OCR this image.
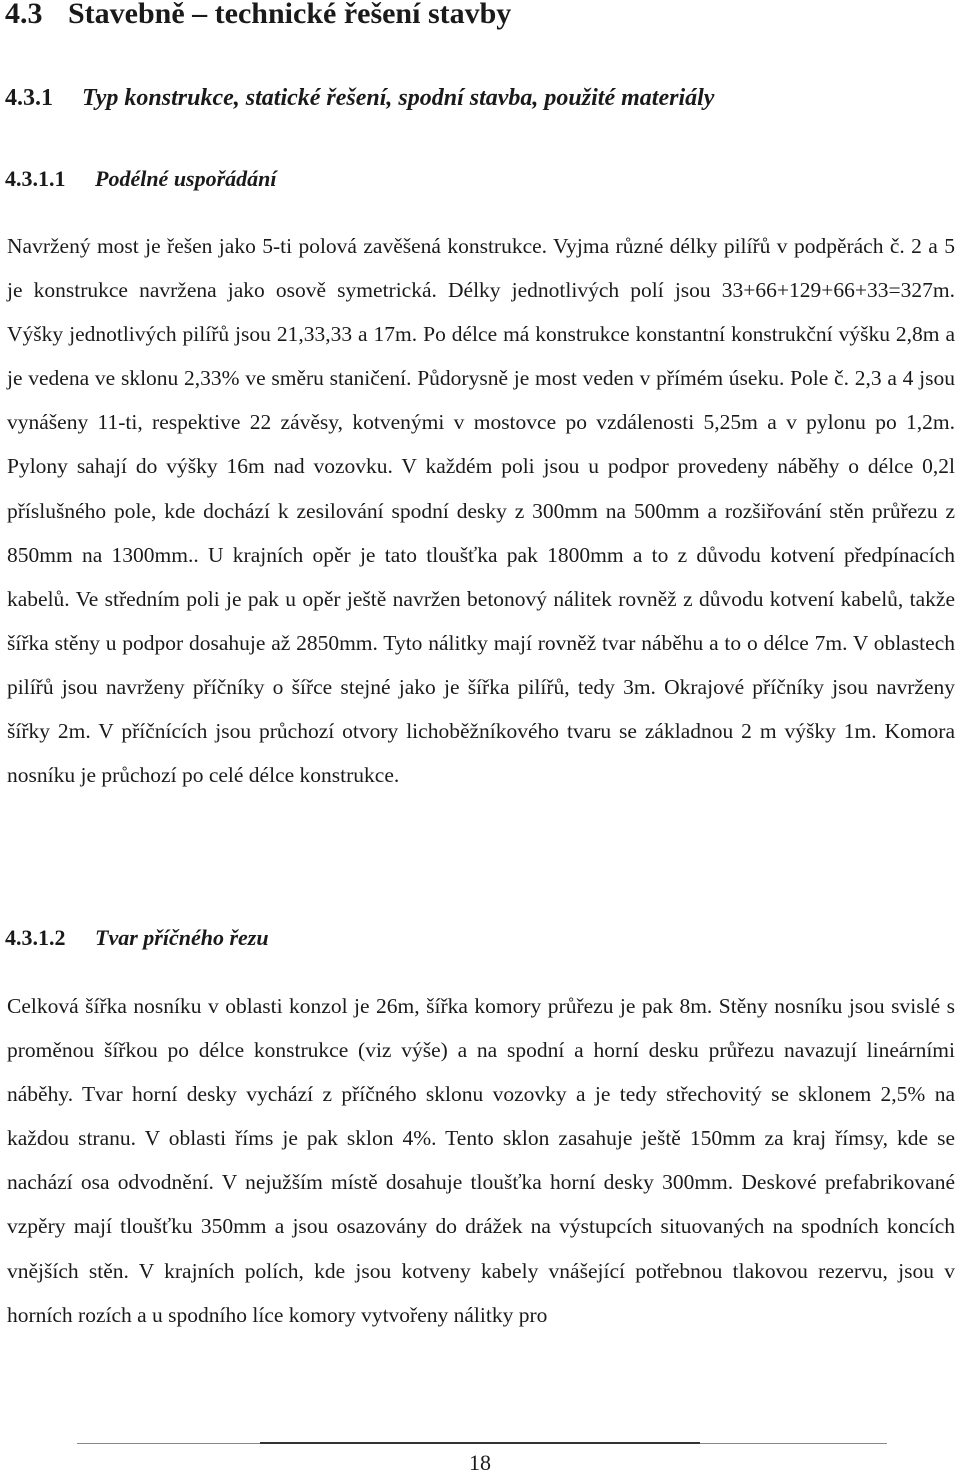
4.3 Stavebně – technické řešení stavby
4.3.1 Typ konstrukce, statické řešení, spodní stavba, použité materiály
4.3.1.1 Podélné uspořádání

Navržený most je řešen jako 5-ti polová zavěšená konstrukce. Vyjma různé délky pilířů v podpěrách č. 2 a 5 je konstrukce navržena jako osově symetrická. Délky jednotlivých polí jsou 33+66+129+66+33=327m. Výšky jednotlivých pilířů jsou 21,33,33 a 17m. Po délce má konstrukce konstantní konstrukční výšku 2,8m a je vedena ve sklonu 2,33% ve směru staničení. Půdorysně je most veden v přímém úseku. Pole č. 2,3 a 4 jsou vynášeny 11-ti, respektive 22 závěsy, kotvenými v mostovce po vzdálenosti 5,25m a v pylonu po 1,2m. Pylony sahají do výšky 16m nad vozovku. V každém poli jsou u podpor provedeny náběhy o délce 0,2l příslušného pole, kde dochází k zesilování spodní desky z 300mm na 500mm a rozšiřování stěn průřezu z 850mm na 1300mm.. U krajních opěr je tato tloušťka pak 1800mm a to z důvodu kotvení předpínacích kabelů. Ve středním poli je pak u opěr ještě navržen betonový nálitek rovněž z důvodu kotvení kabelů, takže šířka stěny u podpor dosahuje až 2850mm. Tyto nálitky mají rovněž tvar náběhu a to o délce 7m. V oblastech pilířů jsou navrženy příčníky o šířce stejné jako je šířka pilířů, tedy 3m. Okrajové příčníky jsou navrženy šířky 2m. V příčnících jsou průchozí otvory lichoběžníkového tvaru se základnou 2 m výšky 1m. Komora nosníku je průchozí po celé délce konstrukce.

4.3.1.2 Tvar příčného řezu

Celková šířka nosníku v oblasti konzol je 26m, šířka komory průřezu je pak 8m. Stěny nosníku jsou svislé s proměnou šířkou po délce konstrukce (viz výše) a na spodní a horní desku průřezu navazují lineárními náběhy. Tvar horní desky vychází z příčného sklonu vozovky a je tedy střechovitý se sklonem 2,5% na každou stranu. V oblasti říms je pak sklon 4%. Tento sklon zasahuje ještě 150mm za kraj římsy, kde se nachází osa odvodnění. V nejužším místě dosahuje tloušťka horní desky 300mm. Deskové prefabrikované vzpěry mají tloušťku 350mm a jsou osazovány do drážek na výstupcích situovaných na spodních koncích vnějších stěn. V krajních polích, kde jsou kotveny kabely vnášející potřebnou tlakovou rezervu, jsou v horních rozích a u spodního líce komory vytvořeny nálitky pro

18
